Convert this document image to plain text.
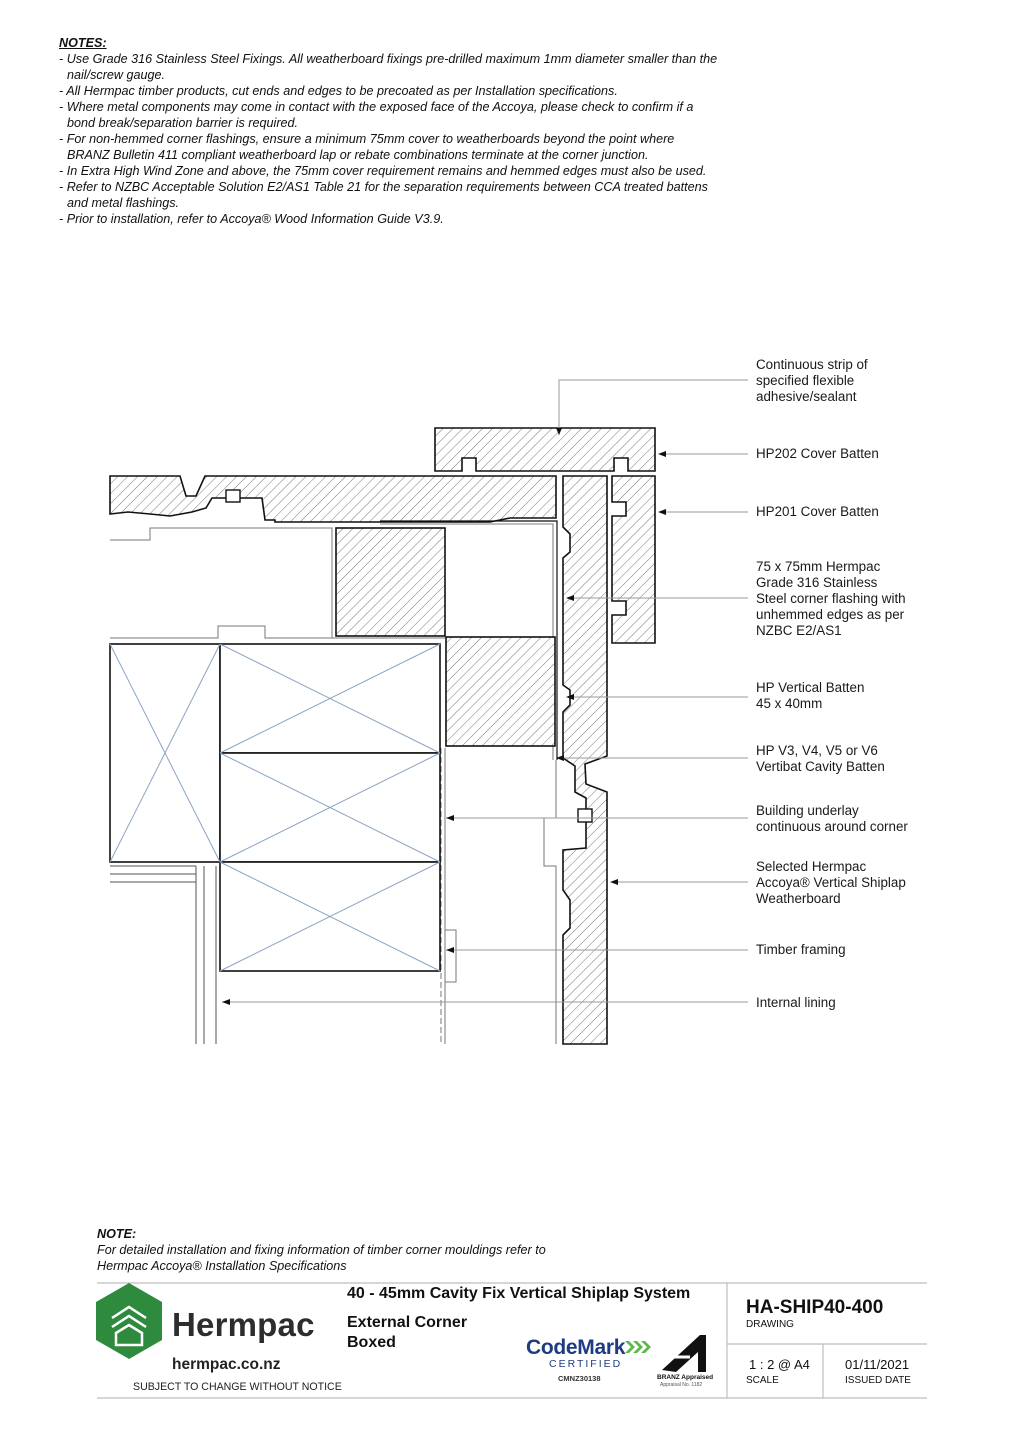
NOTES:
- Use Grade 316 Stainless Steel Fixings. All weatherboard fixings pre-drilled maximum 1mm diameter smaller than the nail/screw gauge.
- All Hermpac timber products, cut ends and edges to be precoated as per Installation specifications.
- Where metal components may come in contact with the exposed face of the Accoya, please check to confirm if a bond break/separation barrier is required.
- For non-hemmed corner flashings, ensure a minimum 75mm cover to weatherboards beyond the point where BRANZ Bulletin 411 compliant weatherboard lap or rebate combinations terminate at the corner junction.
- In Extra High Wind Zone and above, the 75mm cover requirement remains and hemmed edges must also be used.
- Refer to NZBC Acceptable Solution E2/AS1 Table 21 for the separation requirements between CCA treated battens and metal flashings.
- Prior to installation, refer to Accoya® Wood Information Guide V3.9.
Continuous strip of
specified flexible
adhesive/sealant
HP202 Cover Batten
HP201 Cover Batten
75 x 75mm Hermpac
Grade 316 Stainless
Steel corner flashing with
unhemmed edges as per
NZBC E2/AS1
HP Vertical Batten
45 x 40mm
HP V3, V4, V5 or V6
Vertibat Cavity Batten
Building underlay
continuous around corner
Selected Hermpac
Accoya® Vertical Shiplap
Weatherboard
Timber framing
Internal lining
NOTE:
For detailed installation and fixing information of timber corner mouldings refer to
Hermpac Accoya® Installation Specifications
Hermpac
hermpac.co.nz
SUBJECT TO CHANGE WITHOUT NOTICE
40 - 45mm Cavity Fix Vertical Shiplap System
External Corner
Boxed
HA-SHIP40-400
DRAWING
1 : 2 @ A4
SCALE
01/11/2021
ISSUED DATE
CodeMark
CERTIFIED
CMNZ30138	BRANZ Appraised
Appraisal No. 1182
